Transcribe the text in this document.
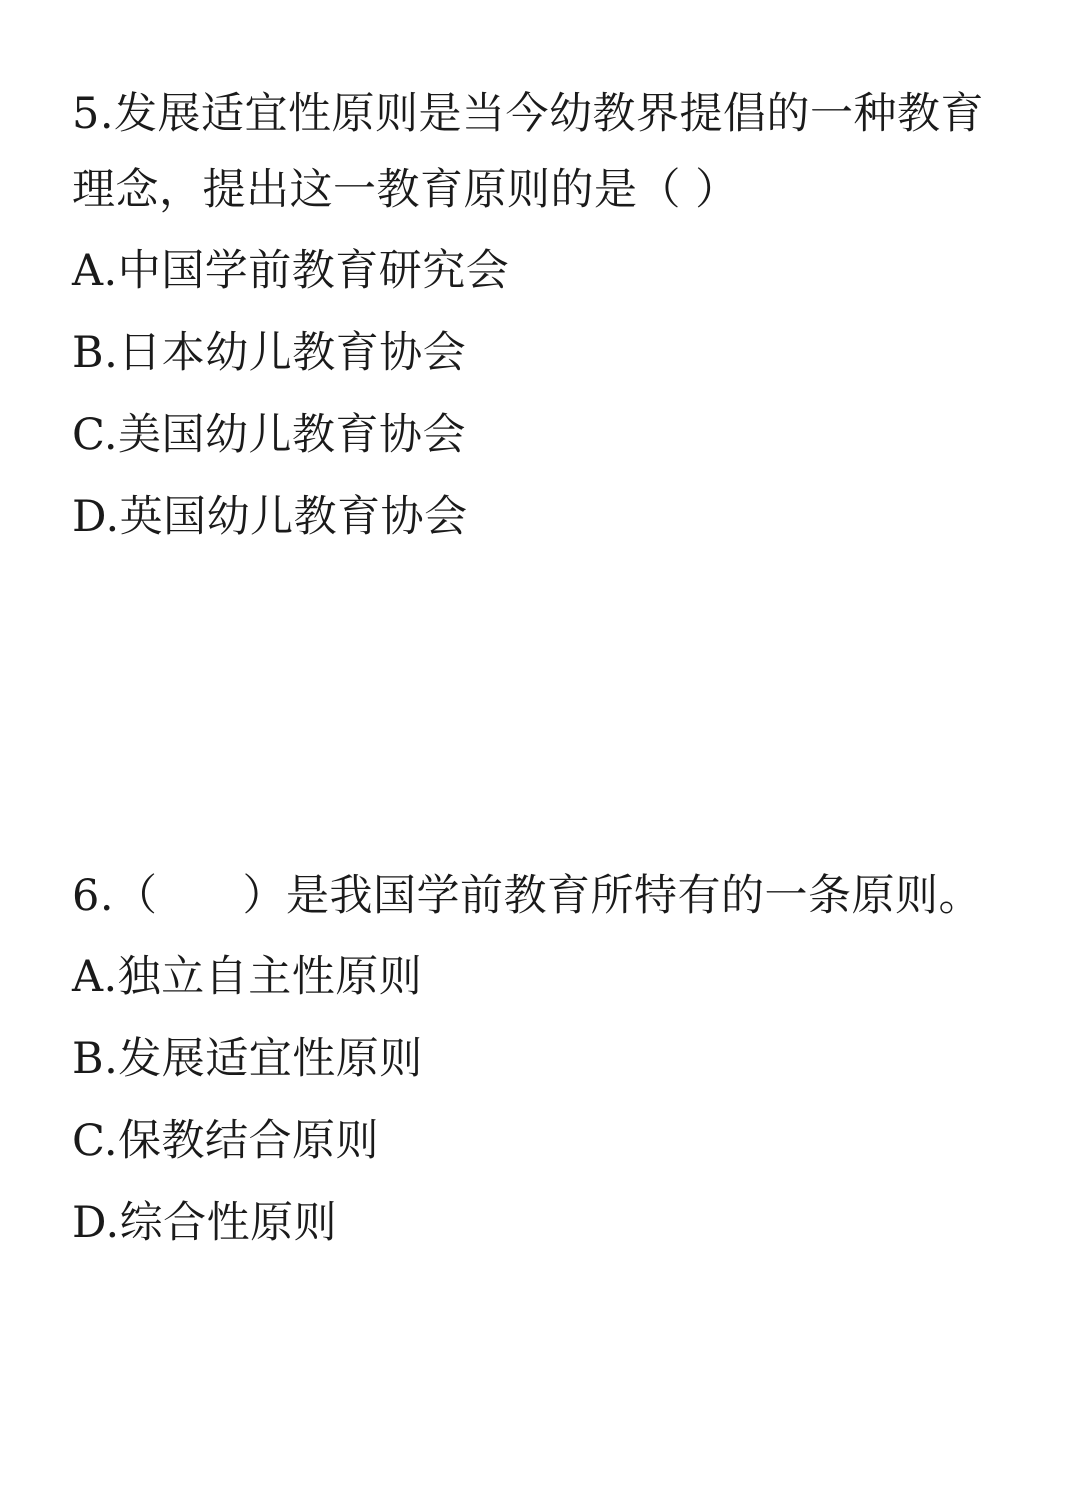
5.发展适宜性原则是当今幼教界提倡的一种教育理念，提出这一教育原则的是（ ）

A.中国学前教育研究会
B.日本幼儿教育协会
C.美国幼儿教育协会
D.英国幼儿教育协会

6.（      ）是我国学前教育所特有的一条原则。

A.独立自主性原则
B.发展适宜性原则
C.保教结合原则
D.综合性原则
